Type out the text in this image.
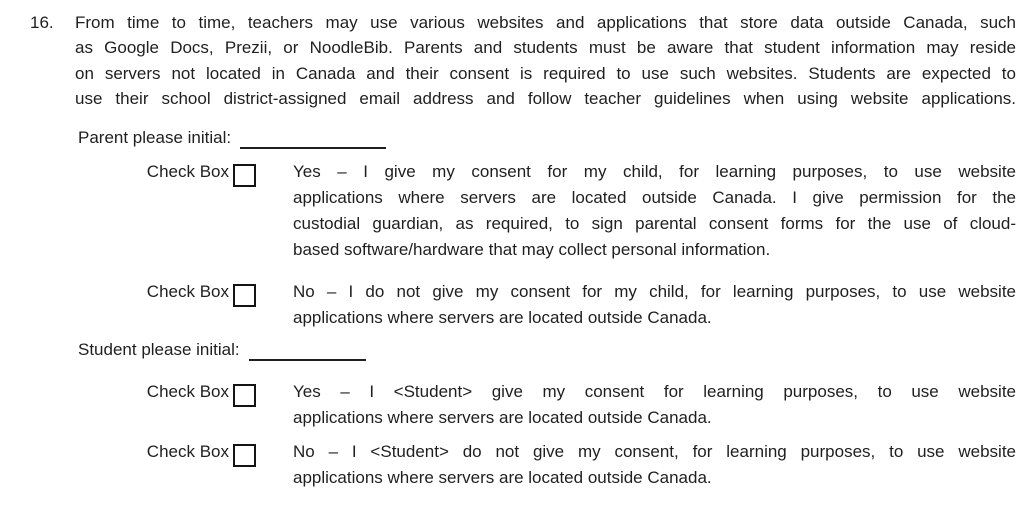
16. From time to time, teachers may use various websites and applications that store data outside Canada, such
as Google Docs, Prezii, or NoodleBib. Parents and students must be aware that student information may reside
on servers not located in Canada and their consent is required to use such websites. Students are expected to
use their school district-assigned email address and follow teacher guidelines when using website applications.
Parent please initial:
Check Box	Yes – I give my consent for my child, for learning purposes, to use website
applications where servers are located outside Canada. I give permission for the
custodial guardian, as required, to sign parental consent forms for the use of cloud-
based software/hardware that may collect personal information.
Check Box	No – I do not give my consent for my child, for learning purposes, to use website
applications where servers are located outside Canada.
Student please initial:
Check Box	Yes – I <Student> give my consent for learning purposes, to use website
applications where servers are located outside Canada.
Check Box	No – I <Student> do not give my consent, for learning purposes, to use website
applications where servers are located outside Canada.
